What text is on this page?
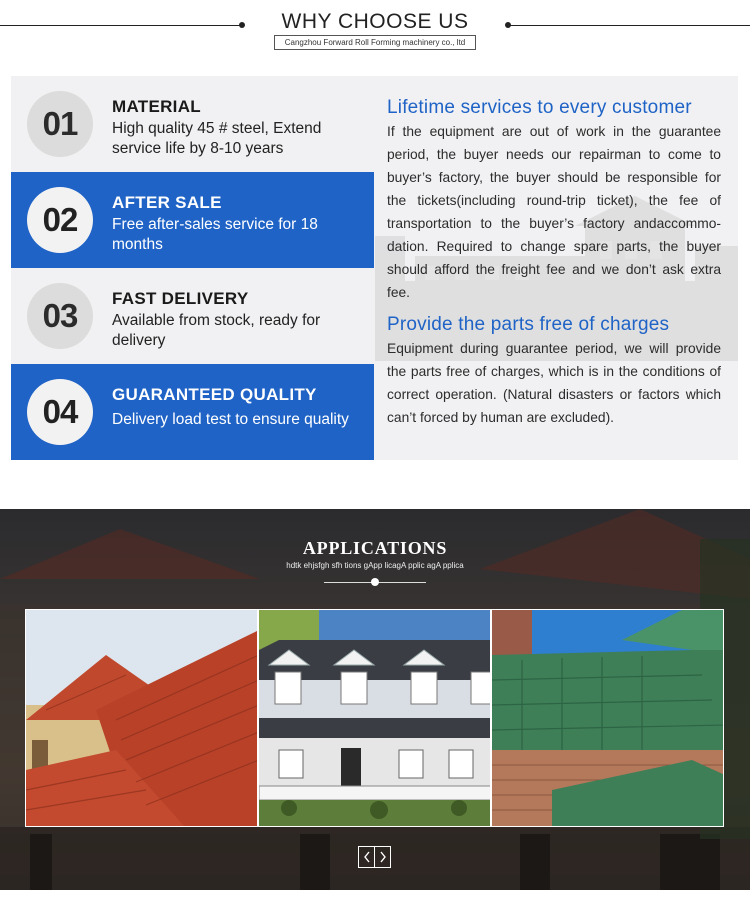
WHY CHOOSE US
Cangzhou Forward Roll Forming machinery co., ltd
01	MATERIAL
High quality 45 # steel, Extend service life by 8-10 years
02	AFTER SALE
Free after-sales service for 18 months
03	FAST DELIVERY
Available from stock, ready for delivery
04	GUARANTEED QUALITY
Delivery load test to ensure quality
Lifetime services to every customer
If the equipment are out of work in the guarantee period, the buyer needs our repairman to come to buyer’s factory, the buyer should be responsible for the tickets(including round-trip ticket), the fee of transportation to the buyer’s factory andaccommo-dation. Required to change spare parts, the buyer should afford the freight fee and we don’t ask extra fee.
Provide the parts free of charges
Equipment during guarantee period, we will provide the parts free of charges, which is in the conditions of correct operation. (Natural disasters or factors which can’t forced by human are excluded).
APPLICATIONS
hdtk ehjsfgh sfh tions gApp licagA pplic agA pplica
